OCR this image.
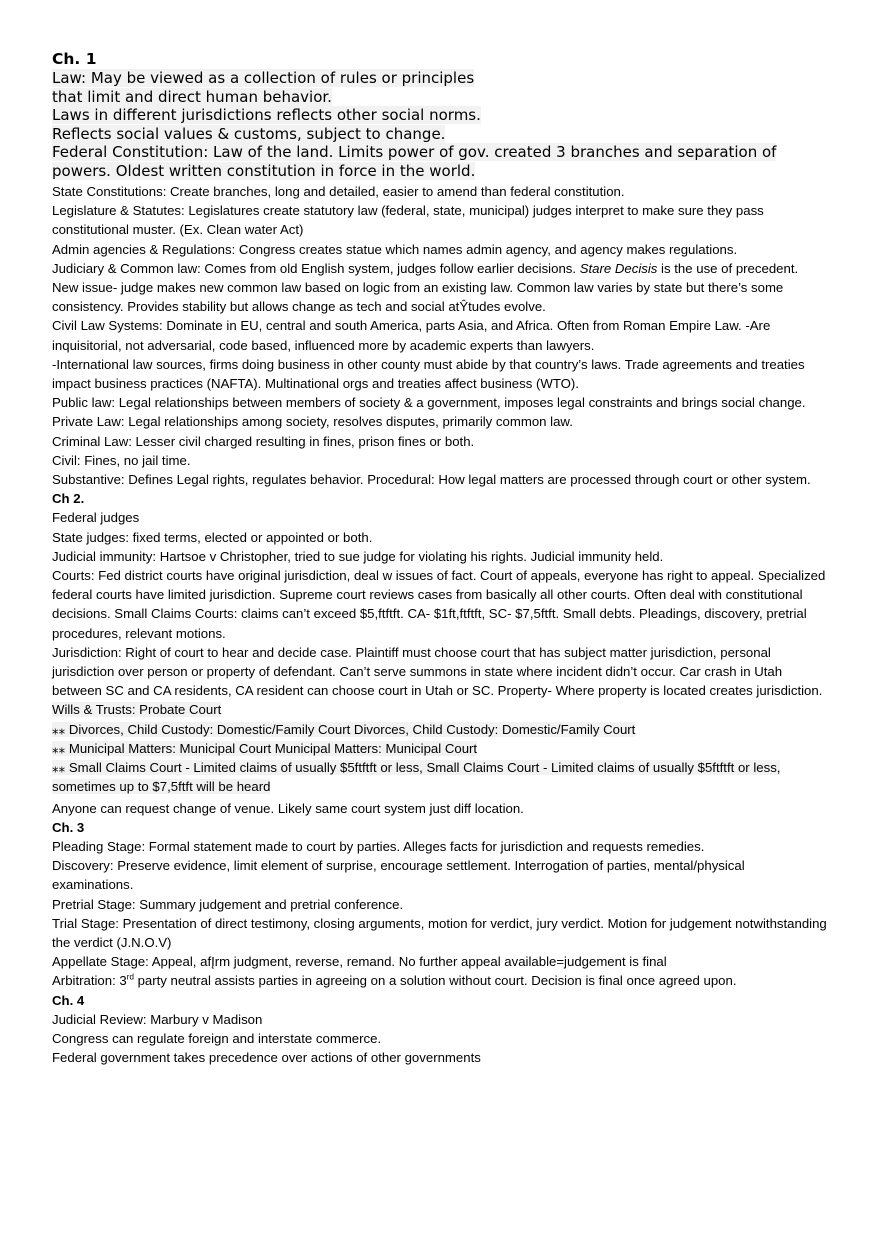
Ch. 1

Law: May be viewed as a collection of rules or principles
that limit and direct human behavior.

Laws in different jurisdictions reflects other social norms.

Reflects social values & customs, subject to change.

Federal Constitution: Law of the land. Limits power of gov. created 3 branches and separation of powers. Oldest written constitution in force in the world.

State Constitutions: Create branches, long and detailed, easier to amend than federal constitution.

Legislature & Statutes: Legislatures create statutory law (federal, state, municipal) judges interpret to make sure they pass constitutional muster. (Ex. Clean water Act)

Admin agencies & Regulations: Congress creates statue which names admin agency, and agency makes regulations.

Judiciary & Common law: Comes from old English system, judges follow earlier decisions. Stare Decisis is the use of precedent. New issue- judge makes new common law based on logic from an existing law. Common law varies by state but there’s some consistency. Provides stability but allows change as tech and social atŶtudes evolve.

Civil Law Systems: Dominate in EU, central and south America, parts Asia, and Africa. Often from Roman Empire Law. -Are inquisitorial, not adversarial, code based, influenced more by academic experts than lawyers.

-International law sources, firms doing business in other county must abide by that country’s laws. Trade agreements and treaties impact business practices (NAFTA). Multinational orgs and treaties affect business (WTO).

Public law: Legal relationships between members of society & a government, imposes legal constraints and brings social change. Private Law: Legal relationships among society, resolves disputes, primarily common law.

Criminal Law: Lesser civil charged resulting in fines, prison fines or both.

Civil: Fines, no jail time.

Substantive: Defines Legal rights, regulates behavior. Procedural: How legal matters are processed through court or other system.

Ch 2.

Federal judges

State judges: fixed terms, elected or appointed or both.

Judicial immunity: Hartsoe v Christopher, tried to sue judge for violating his rights. Judicial immunity held.

Courts: Fed district courts have original jurisdiction, deal w issues of fact. Court of appeals, everyone has right to appeal. Specialized federal courts have limited jurisdiction. Supreme court reviews cases from basically all other courts. Often deal with constitutional decisions. Small Claims Courts: claims can’t exceed $5,ftftft. CA- $1ft,ftftft, SC- $7,5ftft. Small debts. Pleadings, discovery, pretrial procedures, relevant motions.

Jurisdiction: Right of court to hear and decide case. Plaintiff must choose court that has subject matter jurisdiction, personal jurisdiction over person or property of defendant. Can’t serve summons in state where incident didn’t occur. Car crash in Utah between SC and CA residents, CA resident can choose court in Utah or SC. Property- Where property is located creates jurisdiction. Wills & Trusts: Probate Court

⁎⁎ Divorces, Child Custody: Domestic/Family Court Divorces, Child Custody: Domestic/Family Court

⁎⁎ Municipal Matters: Municipal Court Municipal Matters: Municipal Court

⁎⁎ Small Claims Court - Limited claims of usually $5ftftft or less, Small Claims Court - Limited claims of usually $5ftftft or less, sometimes up to $7,5ftft will be heard

Anyone can request change of venue. Likely same court system just diff location.

Ch. 3

Pleading Stage: Formal statement made to court by parties. Alleges facts for jurisdiction and requests remedies.

Discovery: Preserve evidence, limit element of surprise, encourage settlement. Interrogation of parties, mental/physical examinations.

Pretrial Stage: Summary judgement and pretrial conference.

Trial Stage: Presentation of direct testimony, closing arguments, motion for verdict, jury verdict. Motion for judgement notwithstanding the verdict (J.N.O.V)

Appellate Stage: Appeal, afĮrm judgment, reverse, remand. No further appeal available=judgement is final

Arbitration: 3rd party neutral assists parties in agreeing on a solution without court. Decision is final once agreed upon.

Ch. 4

Judicial Review: Marbury v Madison

Congress can regulate foreign and interstate commerce.

Federal government takes precedence over actions of other governments
